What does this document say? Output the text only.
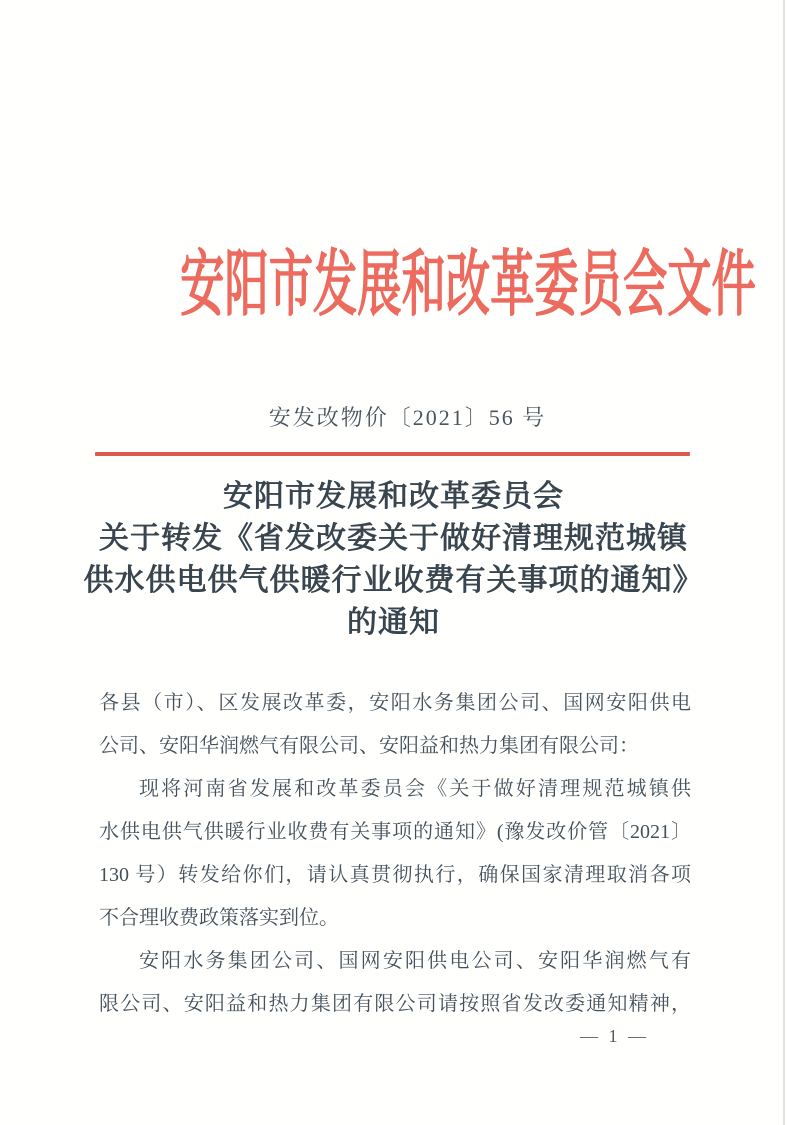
安阳市发展和改革委员会文件
安发改物价〔2021〕56 号
安阳市发展和改革委员会
关于转发《省发改委关于做好清理规范城镇
供水供电供气供暖行业收费有关事项的通知》
的通知
各县（市）、区发展改革委，安阳水务集团公司、国网安阳供电
公司、安阳华润燃气有限公司、安阳益和热力集团有限公司：
现将河南省发展和改革委员会《关于做好清理规范城镇供
水供电供气供暖行业收费有关事项的通知》(豫发改价管〔2021〕
130 号）转发给你们，请认真贯彻执行，确保国家清理取消各项
不合理收费政策落实到位。
安阳水务集团公司、国网安阳供电公司、安阳华润燃气有
限公司、安阳益和热力集团有限公司请按照省发改委通知精神，
— 1 —
